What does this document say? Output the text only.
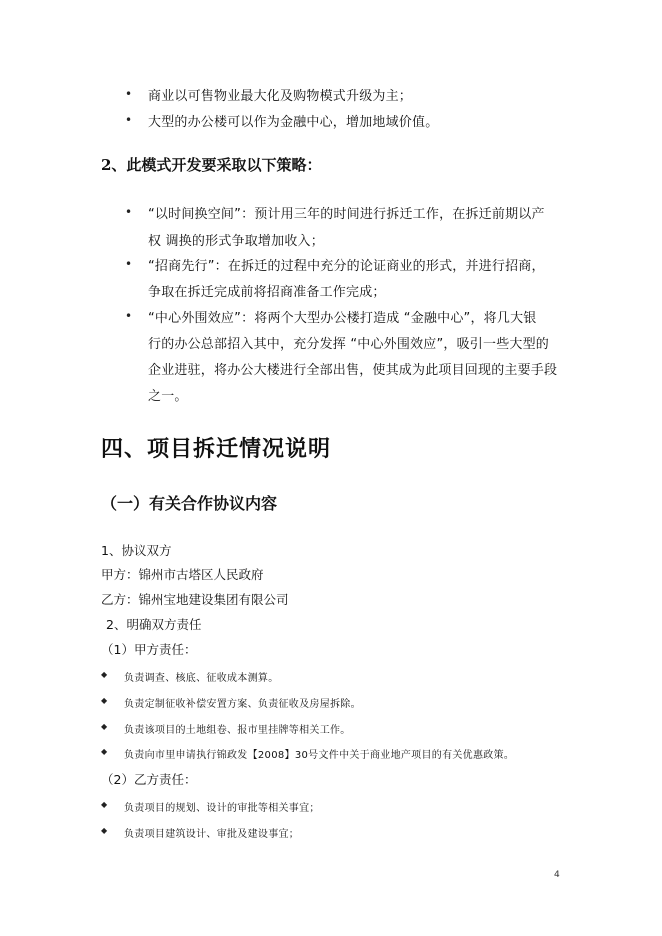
• 商业以可售物业最大化及购物模式升级为主；
• 大型的办公楼可以作为金融中心，增加地域价值。
2、此模式开发要采取以下策略：
• “以时间换空间”：预计用三年的时间进行拆迁工作，在拆迁前期以产
权 调换的形式争取增加收入；
• “招商先行”：在拆迁的过程中充分的论证商业的形式，并进行招商，
争取在拆迁完成前将招商准备工作完成；
• “中心外围效应”：将两个大型办公楼打造成 “金融中心”，将几大银
行的办公总部招入其中，充分发挥 “中心外围效应”，吸引一些大型的
企业进驻，将办公大楼进行全部出售，使其成为此项目回现的主要手段
之一。
四、项目拆迁情况说明
（一）有关合作协议内容
1、协议双方
甲方：锦州市古塔区人民政府
乙方：锦州宝地建设集团有限公司
2、明确双方责任
（1）甲方责任：
◆ 负责调查、核底、征收成本测算。
◆ 负责定制征收补偿安置方案、负责征收及房屋拆除。
◆ 负责该项目的土地组卷、报市里挂牌等相关工作。
◆ 负责向市里申请执行锦政发【2008】30号文件中关于商业地产项目的有关优惠政策。
（2）乙方责任：
◆ 负责项目的规划、设计的审批等相关事宜；
◆ 负责项目建筑设计、审批及建设事宜；
4
